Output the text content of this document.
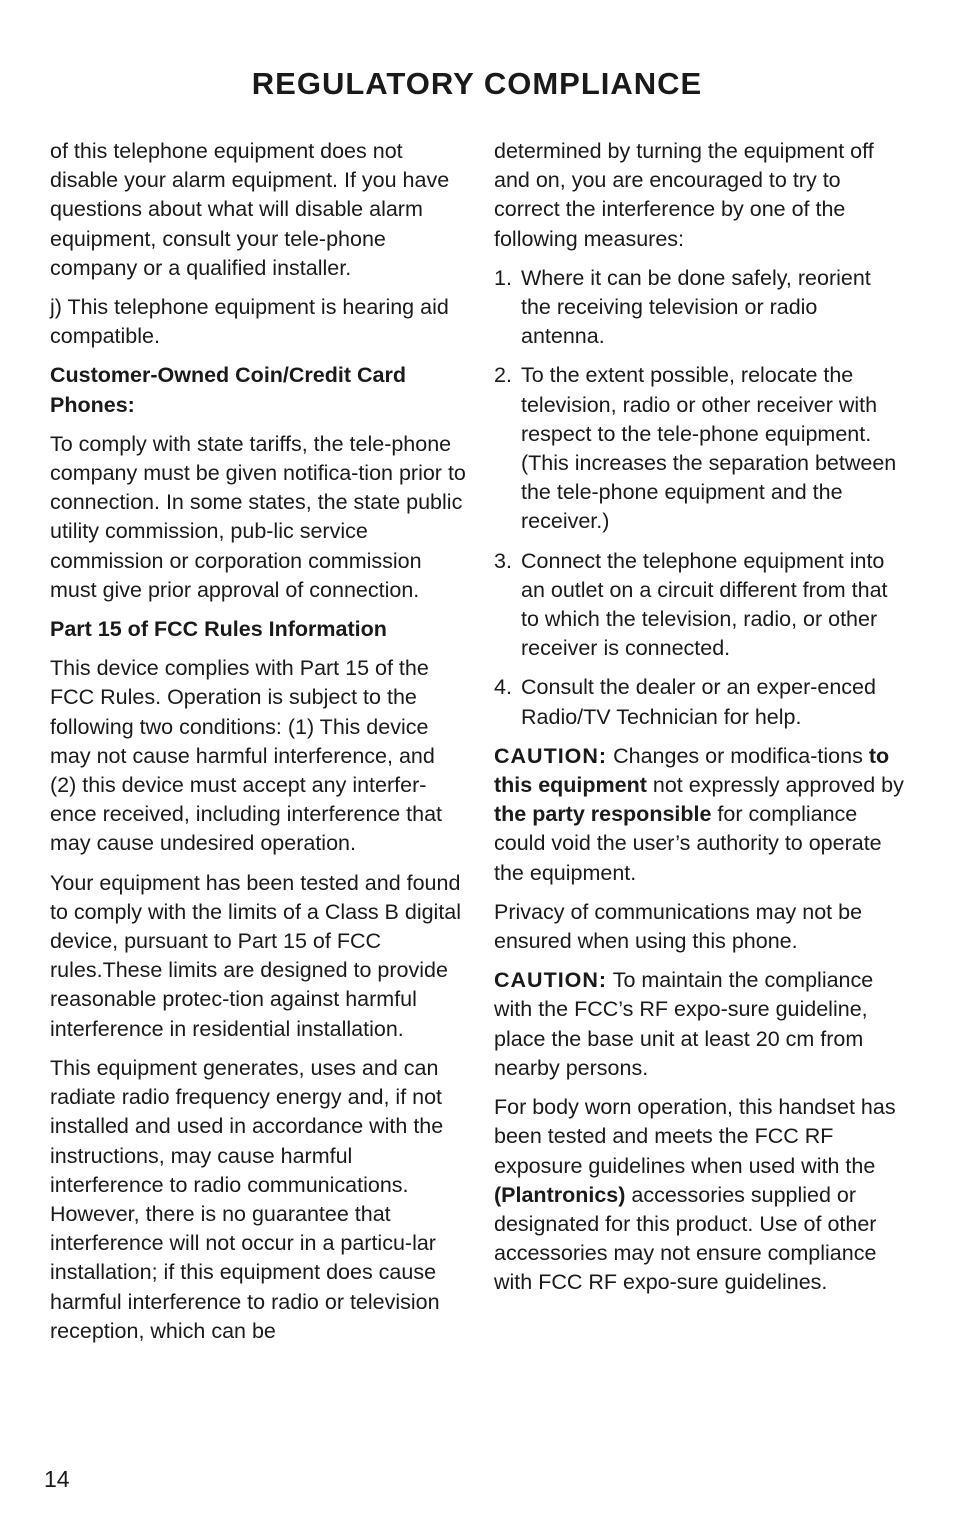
REGULATORY COMPLIANCE

of this telephone equipment does not disable your alarm equipment. If you have questions about what will disable alarm equipment, consult your tele-phone company or a qualified installer.

j) This telephone equipment is hearing aid compatible.

Customer-Owned Coin/Credit Card Phones:

To comply with state tariffs, the tele-phone company must be given notifica-tion prior to connection. In some states, the state public utility commission, pub-lic service commission or corporation commission must give prior approval of connection.

Part 15 of FCC Rules Information

This device complies with Part 15 of the FCC Rules. Operation is subject to the following two conditions: (1) This device may not cause harmful interference, and (2) this device must accept any interfer-ence received, including interference that may cause undesired operation.

Your equipment has been tested and found to comply with the limits of a Class B digital device, pursuant to Part 15 of FCC rules.These limits are designed to provide reasonable protec-tion against harmful interference in residential installation.

This equipment generates, uses and can radiate radio frequency energy and, if not installed and used in accordance with the instructions, may cause harmful interference to radio communications. However, there is no guarantee that interference will not occur in a particu-lar installation; if this equipment does cause harmful interference to radio or television reception, which can be

determined by turning the equipment off and on, you are encouraged to try to correct the interference by one of the following measures:

1. Where it can be done safely, reorient the receiving television or radio antenna.
2. To the extent possible, relocate the television, radio or other receiver with respect to the tele-phone equipment. (This increases the separation between the tele-phone equipment and the receiver.)
3. Connect the telephone equipment into an outlet on a circuit different from that to which the television, radio, or other receiver is connected.
4. Consult the dealer or an exper-enced Radio/TV Technician for help.

CAUTION: Changes or modifica-tions to this equipment not expressly approved by the party responsible for compliance could void the user’s authority to operate the equipment.

Privacy of communications may not be ensured when using this phone.

CAUTION: To maintain the compliance with the FCC’s RF expo-sure guideline, place the base unit at least 20 cm from nearby persons.

For body worn operation, this handset has been tested and meets the FCC RF exposure guidelines when used with the (Plantronics) accessories supplied or designated for this product. Use of other accessories may not ensure compliance with FCC RF expo-sure guidelines.

14
